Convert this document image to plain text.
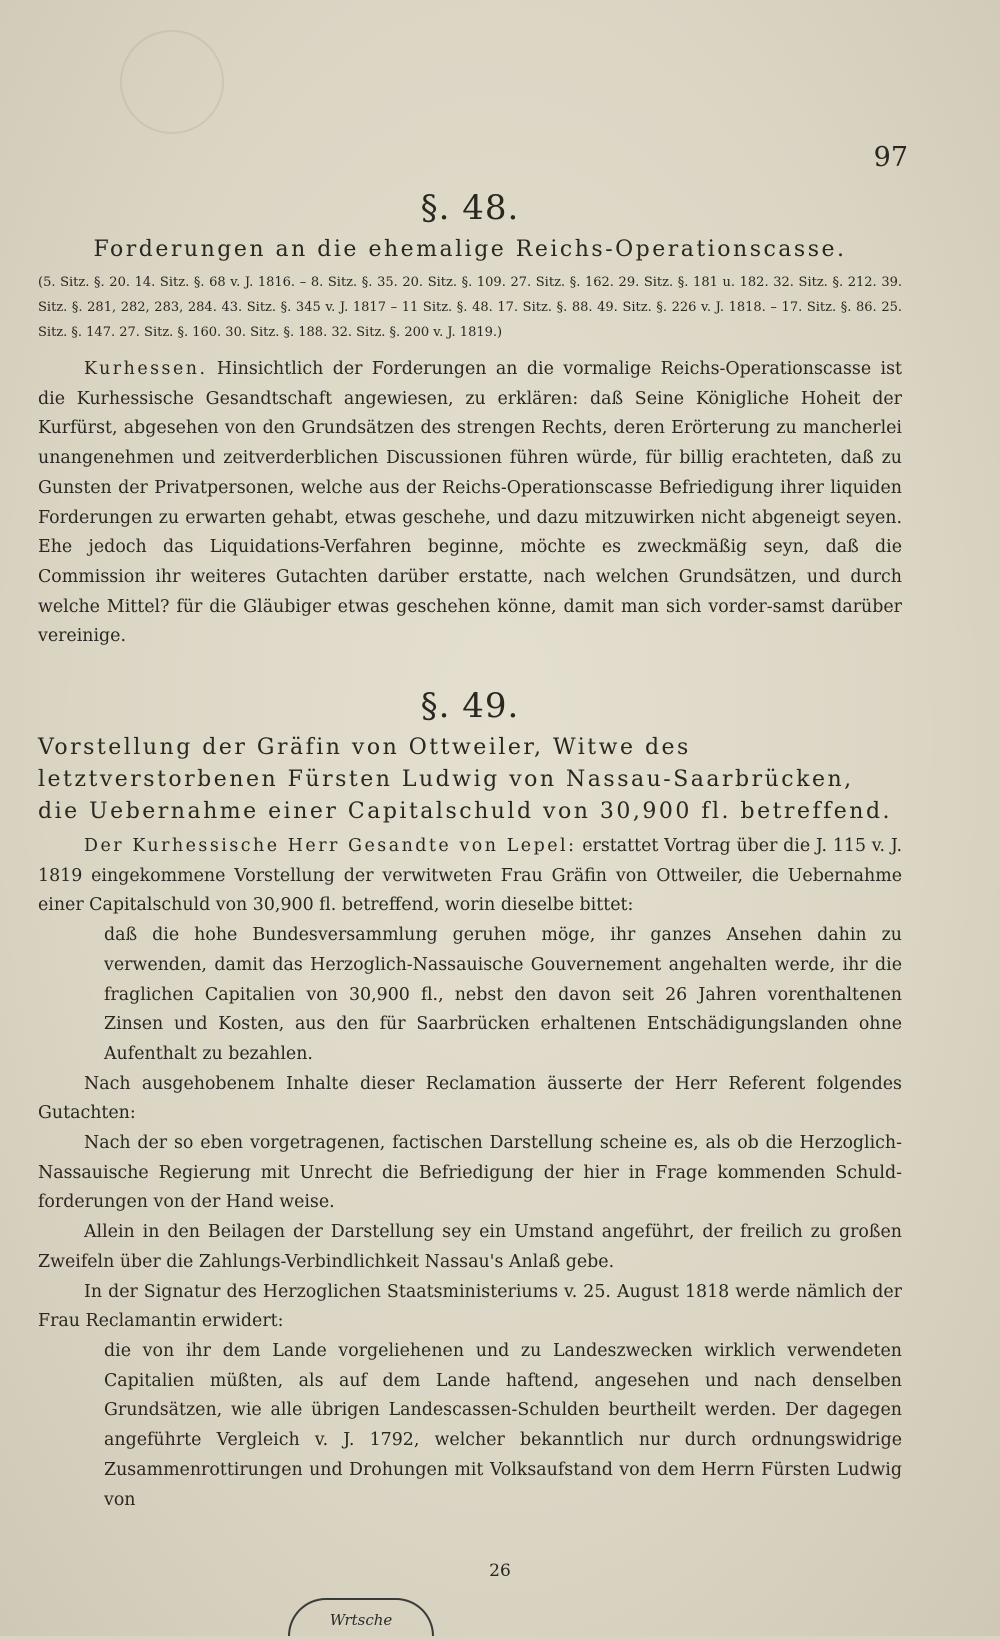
97
§. 48.
Forderungen an die ehemalige Reichs-Operationscasse.
(5. Sitz. §. 20. 14. Sitz. §. 68 v. J. 1816. – 8. Sitz. §. 35. 20. Sitz. §. 109. 27. Sitz. §. 162. 29. Sitz. §. 181 u. 182. 32. Sitz. §. 212. 39. Sitz. §. 281, 282, 283, 284. 43. Sitz. §. 345 v. J. 1817 – 11 Sitz. §. 48. 17. Sitz. §. 88. 49. Sitz. §. 226 v. J. 1818. – 17. Sitz. §. 86. 25. Sitz. §. 147. 27. Sitz. §. 160. 30. Sitz. §. 188. 32. Sitz. §. 200 v. J. 1819.)

Kurhessen. Hinsichtlich der Forderungen an die vormalige Reichs-Operationscasse ist die Kurhessische Gesandtschaft angewiesen, zu erklären: daß Seine Königliche Hoheit der Kurfürst, abgesehen von den Grundsätzen des strengen Rechts, deren Erörterung zu mancherlei unangenehmen und zeitverderblichen Discussionen führen würde, für billig erachteten, daß zu Gunsten der Privatpersonen, welche aus der Reichs-Operationscasse Befriedigung ihrer liquiden Forderungen zu erwarten gehabt, etwas geschehe, und dazu mitzuwirken nicht abgeneigt seyen. Ehe jedoch das Liquidations-Verfahren beginne, möchte es zweckmäßig seyn, daß die Commission ihr weiteres Gutachten darüber erstatte, nach welchen Grundsätzen, und durch welche Mittel? für die Gläubiger etwas geschehen könne, damit man sich vorder-samst darüber vereinige.

§. 49.
Vorstellung der Gräfin von Ottweiler, Witwe des letztverstorbenen Fürsten Ludwig von Nassau-Saarbrücken, die Uebernahme einer Capitalschuld von 30,900 fl. betreffend.

Der Kurhessische Herr Gesandte von Lepel: erstattet Vortrag über die J. 115 v. J. 1819 eingekommene Vorstellung der verwitweten Frau Gräfin von Ottweiler, die Uebernahme einer Capitalschuld von 30,900 fl. betreffend, worin dieselbe bittet:

daß die hohe Bundesversammlung geruhen möge, ihr ganzes Ansehen dahin zu verwenden, damit das Herzoglich-Nassauische Gouvernement angehalten werde, ihr die fraglichen Capitalien von 30,900 fl., nebst den davon seit 26 Jahren vorenthaltenen Zinsen und Kosten, aus den für Saarbrücken erhaltenen Entschädigungslanden ohne Aufenthalt zu bezahlen.

Nach ausgehobenem Inhalte dieser Reclamation äusserte der Herr Referent folgendes Gutachten:

Nach der so eben vorgetragenen, factischen Darstellung scheine es, als ob die Herzoglich-Nassauische Regierung mit Unrecht die Befriedigung der hier in Frage kommenden Schuld-forderungen von der Hand weise.

Allein in den Beilagen der Darstellung sey ein Umstand angeführt, der freilich zu großen Zweifeln über die Zahlungs-Verbindlichkeit Nassau's Anlaß gebe.

In der Signatur des Herzoglichen Staatsministeriums v. 25. August 1818 werde nämlich der Frau Reclamantin erwidert:

die von ihr dem Lande vorgeliehenen und zu Landeszwecken wirklich verwendeten Capitalien müßten, als auf dem Lande haftend, angesehen und nach denselben Grundsätzen, wie alle übrigen Landescassen-Schulden beurtheilt werden. Der dagegen angeführte Vergleich v. J. 1792, welcher bekanntlich nur durch ordnungswidrige Zusammenrottirungen und Drohungen mit Volksaufstand von dem Herrn Fürsten Ludwig von

26
Wrtsche
